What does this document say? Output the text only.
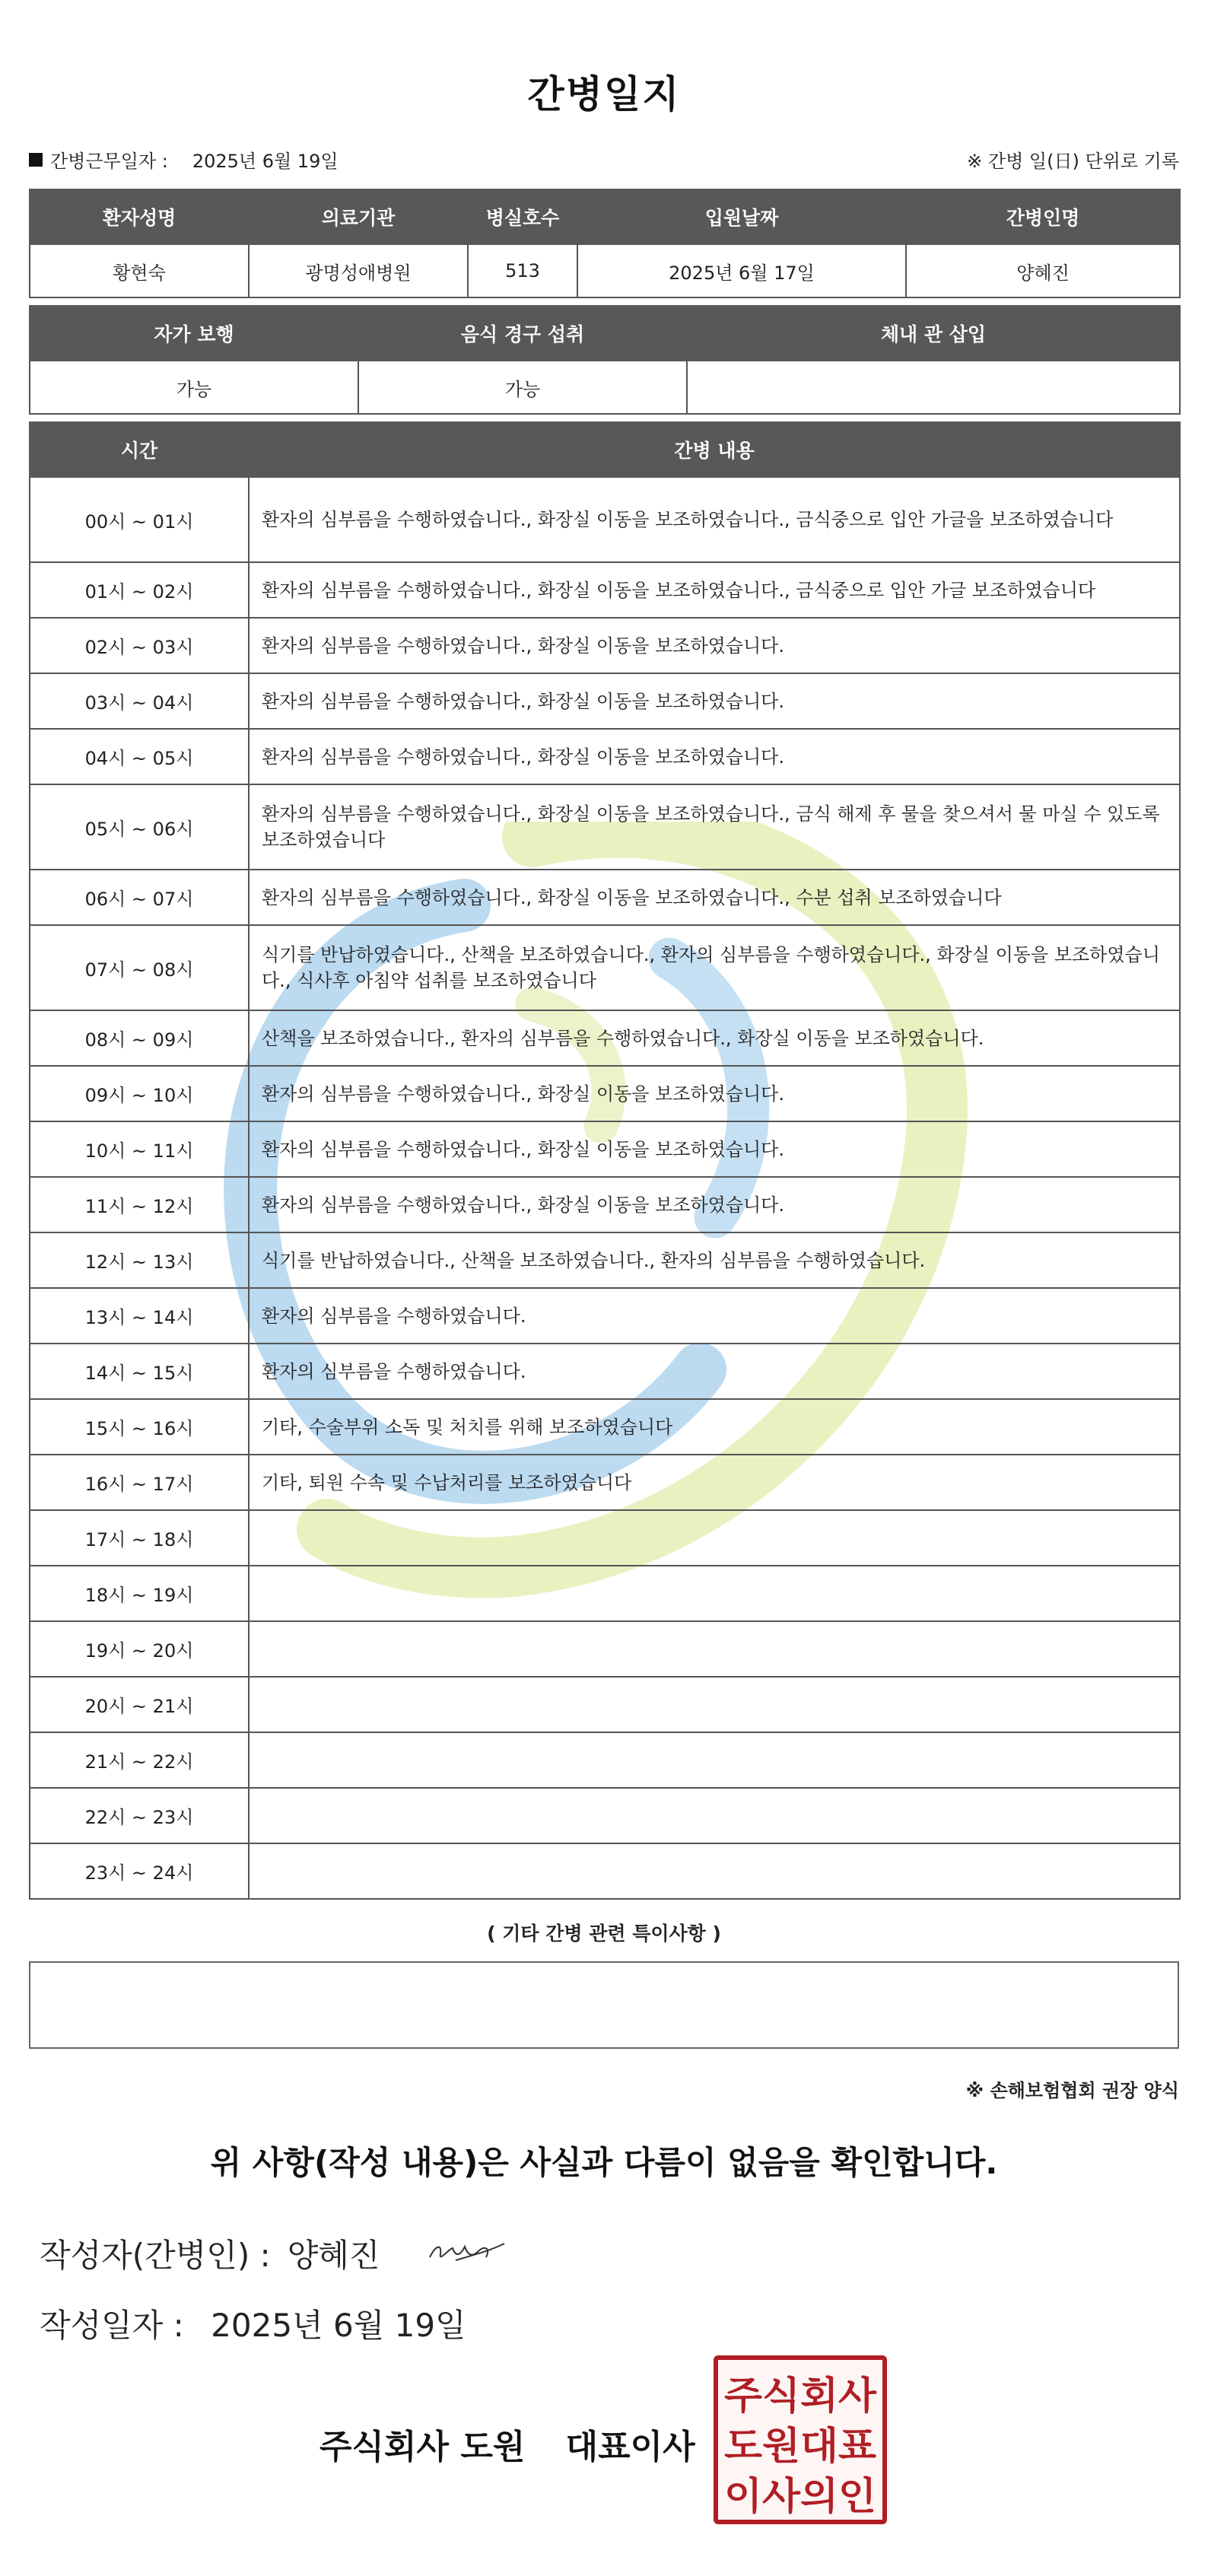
간병일지
간병근무일자 : 2025년 6월 19일	※ 간병 일(日) 단위로 기록
환자성명	의료기관	병실호수	입원날짜	간병인명
황현숙	광명성애병원	513	2025년 6월 17일	양혜진
자가 보행	음식 경구 섭취	체내 관 삽입
가능	가능	
시간	간병 내용
00시 ~ 01시	환자의 심부름을 수행하였습니다., 화장실 이동을 보조하였습니다., 금식중으로 입안 가글을 보조하였습니다
01시 ~ 02시	환자의 심부름을 수행하였습니다., 화장실 이동을 보조하였습니다., 금식중으로 입안 가글 보조하였습니다
02시 ~ 03시	환자의 심부름을 수행하였습니다., 화장실 이동을 보조하였습니다.
03시 ~ 04시	환자의 심부름을 수행하였습니다., 화장실 이동을 보조하였습니다.
04시 ~ 05시	환자의 심부름을 수행하였습니다., 화장실 이동을 보조하였습니다.
05시 ~ 06시	환자의 심부름을 수행하였습니다., 화장실 이동을 보조하였습니다., 금식 해제 후 물을 찾으셔서 물 마실 수 있도록 보조하였습니다
06시 ~ 07시	환자의 심부름을 수행하였습니다., 화장실 이동을 보조하였습니다., 수분 섭취 보조하였습니다
07시 ~ 08시	식기를 반납하였습니다., 산책을 보조하였습니다., 환자의 심부름을 수행하였습니다., 화장실 이동을 보조하였습니다., 식사후 아침약 섭취를 보조하였습니다
08시 ~ 09시	산책을 보조하였습니다., 환자의 심부름을 수행하였습니다., 화장실 이동을 보조하였습니다.
09시 ~ 10시	환자의 심부름을 수행하였습니다., 화장실 이동을 보조하였습니다.
10시 ~ 11시	환자의 심부름을 수행하였습니다., 화장실 이동을 보조하였습니다.
11시 ~ 12시	환자의 심부름을 수행하였습니다., 화장실 이동을 보조하였습니다.
12시 ~ 13시	식기를 반납하였습니다., 산책을 보조하였습니다., 환자의 심부름을 수행하였습니다.
13시 ~ 14시	환자의 심부름을 수행하였습니다.
14시 ~ 15시	환자의 심부름을 수행하였습니다.
15시 ~ 16시	기타, 수술부위 소독 및 처치를 위해 보조하였습니다
16시 ~ 17시	기타, 퇴원 수속 및 수납처리를 보조하였습니다
17시 ~ 18시	
18시 ~ 19시	
19시 ~ 20시	
20시 ~ 21시	
21시 ~ 22시	
22시 ~ 23시	
23시 ~ 24시	
( 기타 간병 관련 특이사항 )
※ 손해보험협회 권장 양식
위 사항(작성 내용)은 사실과 다름이 없음을 확인합니다.
작성자(간병인) : 양혜진
작성일자 : 2025년 6월 19일
주식회사 도원 대표이사
주식회사
도원대표
이사의인
